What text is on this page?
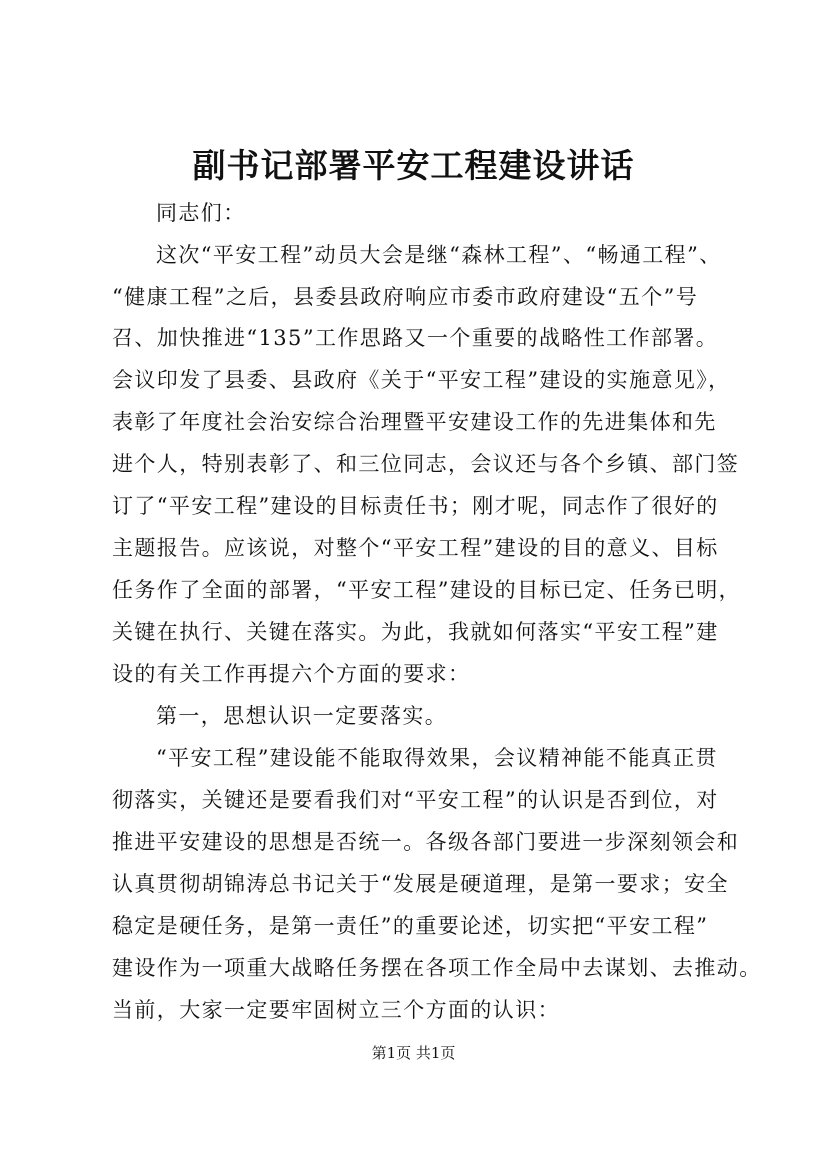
副书记部署平安工程建设讲话
同志们：
这次“平安工程”动员大会是继“森林工程”、“畅通工程”、
“健康工程”之后，县委县政府响应市委市政府建设“五个”号
召、加快推进“135”工作思路又一个重要的战略性工作部署。
会议印发了县委、县政府《关于“平安工程”建设的实施意见》，
表彰了年度社会治安综合治理暨平安建设工作的先进集体和先
进个人，特别表彰了、和三位同志，会议还与各个乡镇、部门签
订了“平安工程”建设的目标责任书；刚才呢，同志作了很好的
主题报告。应该说，对整个“平安工程”建设的目的意义、目标
任务作了全面的部署，“平安工程”建设的目标已定、任务已明，
关键在执行、关键在落实。为此，我就如何落实“平安工程”建
设的有关工作再提六个方面的要求：
第一，思想认识一定要落实。
“平安工程”建设能不能取得效果，会议精神能不能真正贯
彻落实，关键还是要看我们对“平安工程”的认识是否到位，对
推进平安建设的思想是否统一。各级各部门要进一步深刻领会和
认真贯彻胡锦涛总书记关于“发展是硬道理，是第一要求；安全
稳定是硬任务，是第一责任”的重要论述，切实把“平安工程”
建设作为一项重大战略任务摆在各项工作全局中去谋划、去推动。
当前，大家一定要牢固树立三个方面的认识：
第1页 共1页
